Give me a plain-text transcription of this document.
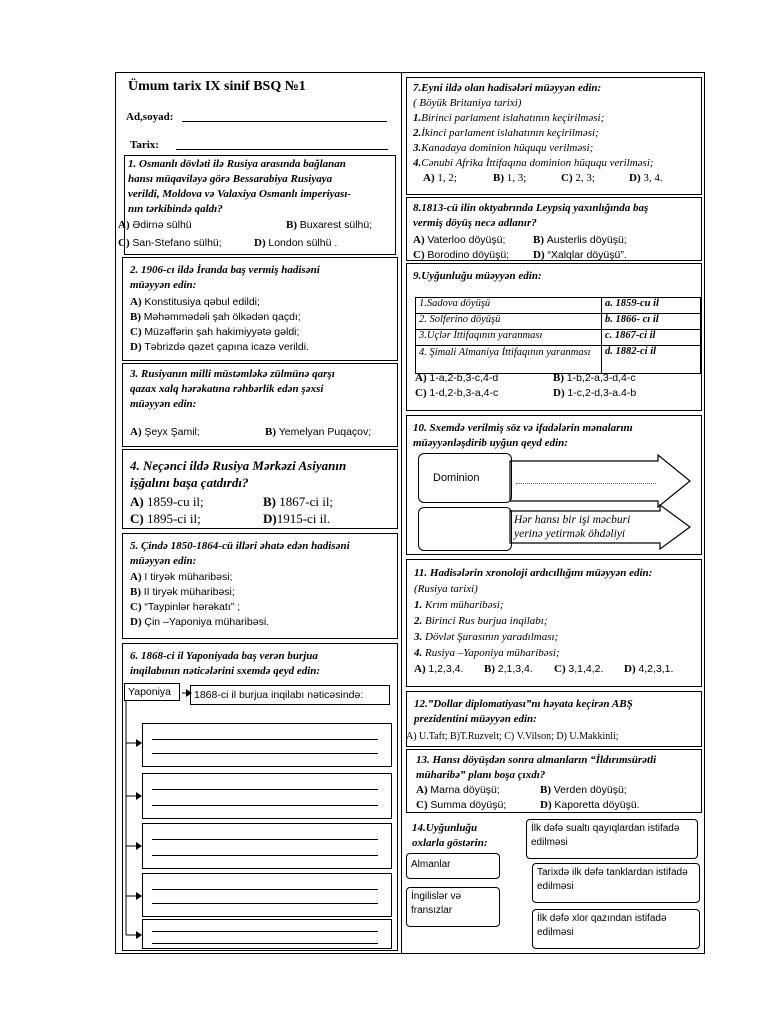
Ümum tarix IX sinif BSQ №1
Ad,soyad:
Tarix:
1. Osmanlı dövləti ilə Rusiya arasında bağlanan
hansı müqaviləyə görə Bessarabiya Rusiyaya
verildi, Moldova və Valaxiya Osmanlı imperiyası-
nın tərkibində qaldı?
A) Ədirnə sülhü	B) Buxarest sülhü;
C) San-Stefano sülhü;	D) London sülhü .
2. 1906-cı ildə İranda baş vermiş hadisəni
müəyyən edin:
A) Konstitusiya qəbul edildi;
B) Məhəmmədəli şah ölkədən qaçdı;
C) Müzəffərin şah hakimiyyətə gəldi;
D) Təbrizdə qəzet çapına icazə verildi.
3. Rusiyanın milli müstəmləkə zülmünə qarşı
qazax xalq hərəkatına rəhbərlik edən şəxsi
müəyyən edin:
A) Şeyx Şamil;	B) Yemelyan Puqaçov;
4. Neçənci ildə Rusiya Mərkəzi Asiyanın
işğalını başa çatdırdı?
A) 1859-cu il;	B) 1867-ci il;
C) 1895-ci il;	D)1915-ci il.
5. Çində 1850-1864-cü illəri əhatə edən hadisəni
müəyyən edin:
A) I tiryək müharibəsi;
B) II tiryək müharibəsi;
C) “Taypinlər hərəkatı” ;
D) Çin –Yaponiya müharibəsi.
6. 1868-ci il Yaponiyada baş verən burjua
inqilabının nəticələrini sxemdə qeyd edin:
Yaponiya	1868-ci il burjua inqilabı nəticəsində:
7.Eyni ildə olan hadisələri müəyyən edin:
( Böyük Britaniya tarixi)
1.Birinci parlament islahatının keçirilməsi;
2.İkinci parlament islahatının keçirilməsi;
3.Kanadaya dominion hüququ verilməsi;
4.Cənubi Afrika İttifaqına dominion hüququ verilməsi;
A) 1, 2;	B) 1, 3;	C) 2, 3;	D) 3, 4.
8.1813-cü ilin oktyabrında Leypsiq yaxınlığında baş
vermiş döyüş necə adlanır?
A) Vaterloo döyüşü;	B) Austerlis döyüşü;
C) Borodino döyüşü;	D) “Xalqlar döyüşü”.
9.Uyğunluğu müəyyən edin:
1.Sadova döyüşü	a. 1859-cu il
2. Solferino döyüşü	b. 1866- cı il
3.Üçlər İttifaqının yaranması	c. 1867-ci il
4. Şimali Almaniya İttifaqının yaranması	d. 1882-ci il
A) 1-a,2-b,3-c,4-d	B) 1-b,2-a,3-d,4-c
C) 1-d,2-b,3-a,4-c	D) 1-c,2-d,3-a.4-b
10. Sxemdə verilmiş söz və ifadələrin mənalarını
müəyyənləşdirib uyğun qeyd edin:
Dominion
Hər hansı bir işi məcburi
yerinə yetirmək öhdəliyi
11. Hadisələrin xronoloji ardıcıllığını müəyyən edin:
(Rusiya tarixi)
1. Krım müharibəsi;
2. Birinci Rus burjua inqilabı;
3. Dövlət Şurasının yaradılması;
4. Rusiya –Yaponiya müharibəsi;
A) 1,2,3,4.	B) 2,1,3,4.	C) 3,1,4,2.	D) 4,2,3,1.
12.”Dollar diplomatiyası”nı həyata keçirən ABŞ
prezidentini müəyyən edin:
A) U.Taft; B)T.Ruzvelt; C) V.Vilson; D) U.Makkinli;
13. Hansı döyüşdən sonra almanların “İldırımsürətli
müharibə” planı boşa çıxdı?
A) Marna döyüşü;	B) Verden döyüşü;
C) Summa döyüşü;	D) Kaporetta döyüşü.
14.Uyğunluğu
oxlarla göstərin:
Almanlar
İngilislər və fransızlar
İlk dəfə sualtı qayıqlardan istifadə edilməsi
Tarixdə ilk dəfə tanklardan istifadə edilməsi
İlk dəfə xlor qazından istifadə edilməsi
